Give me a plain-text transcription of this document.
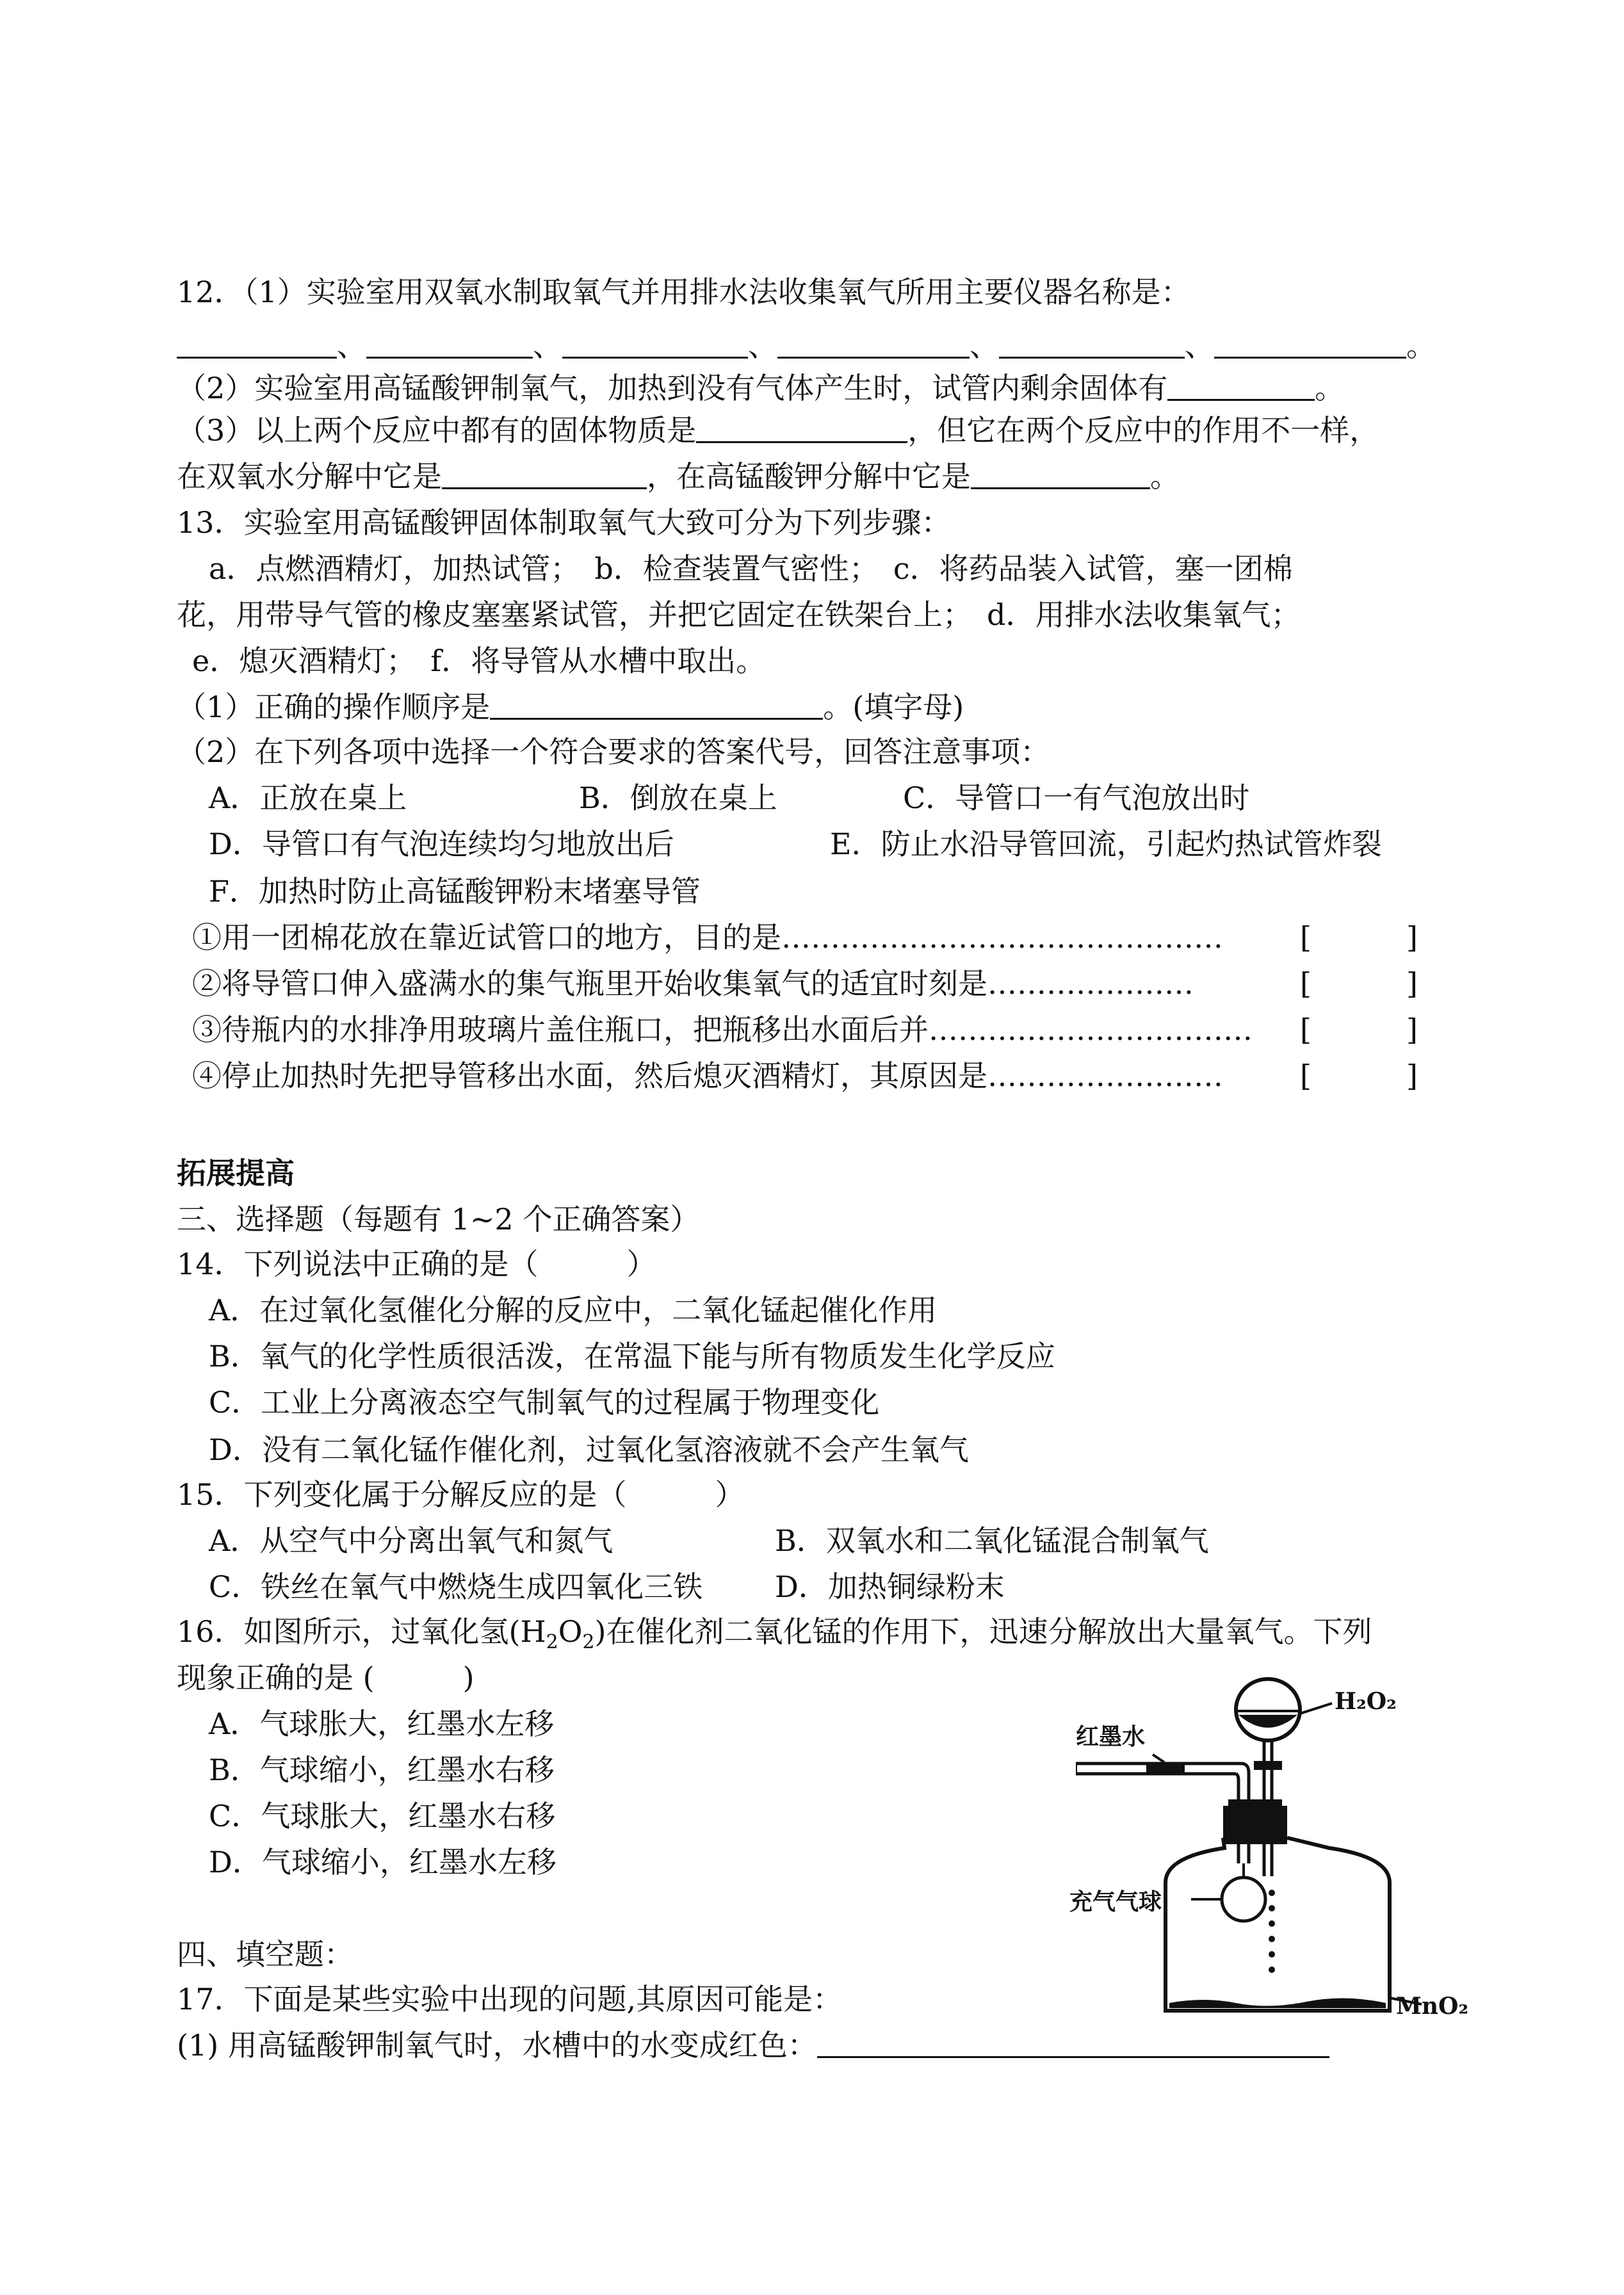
12．（1）实验室用双氧水制取氧气并用排水法收集氧气所用主要仪器名称是：
、	、	、	、	、	。
（2）实验室用高锰酸钾制氧气，加热到没有气体产生时，试管内剩余固体有	。
（3）以上两个反应中都有的固体物质是	，但它在两个反应中的作用不一样，
在双氧水分解中它是	，在高锰酸钾分解中它是	。
13．实验室用高锰酸钾固体制取氧气大致可分为下列步骤：
a．点燃酒精灯，加热试管；　b．检查装置气密性；　c．将药品装入试管，塞一团棉
花，用带导气管的橡皮塞塞紧试管，并把它固定在铁架台上；　d．用排水法收集氧气；
e．熄灭酒精灯；　f．将导管从水槽中取出。
（1）正确的操作顺序是	。(填字母)
（2）在下列各项中选择一个符合要求的答案代号，回答注意事项：
A．正放在桌上	B．倒放在桌上	C．导管口一有气泡放出时
D．导管口有气泡连续均匀地放出后	E．防止水沿导管回流，引起灼热试管炸裂
F．加热时防止高锰酸钾粉末堵塞导管
①用一团棉花放在靠近试管口的地方，目的是………………………………………	[	]
②将导管口伸入盛满水的集气瓶里开始收集氧气的适宜时刻是…………………	[	]
③待瓶内的水排净用玻璃片盖住瓶口，把瓶移出水面后并…………………………… [	]
④停止加热时先把导管移出水面，然后熄灭酒精灯，其原因是……………………	[	]
拓展提高
三、选择题（每题有 1~2 个正确答案）
14．下列说法中正确的是（　　　）
A．在过氧化氢催化分解的反应中，二氧化锰起催化作用
B．氧气的化学性质很活泼，在常温下能与所有物质发生化学反应
C．工业上分离液态空气制氧气的过程属于物理变化
D．没有二氧化锰作催化剂，过氧化氢溶液就不会产生氧气
15．下列变化属于分解反应的是（　　　）
A．从空气中分离出氧气和氮气	B．双氧水和二氧化锰混合制氧气
C．铁丝在氧气中燃烧生成四氧化三铁 D．加热铜绿粉末
16．如图所示，过氧化氢$(H_2O_2)$在催化剂二氧化锰的作用下，迅速分解放出大量氧气。下列
现象正确的是 (　　　)
A．气球胀大，红墨水左移
B．气球缩小，红墨水右移
C．气球胀大，红墨水右移
D．气球缩小，红墨水左移
红墨水
H₂O₂
充气气球
MnO₂
四、填空题：
17．下面是某些实验中出现的问题,其原因可能是：
(1) 用高锰酸钾制氧气时，水槽中的水变成红色：
